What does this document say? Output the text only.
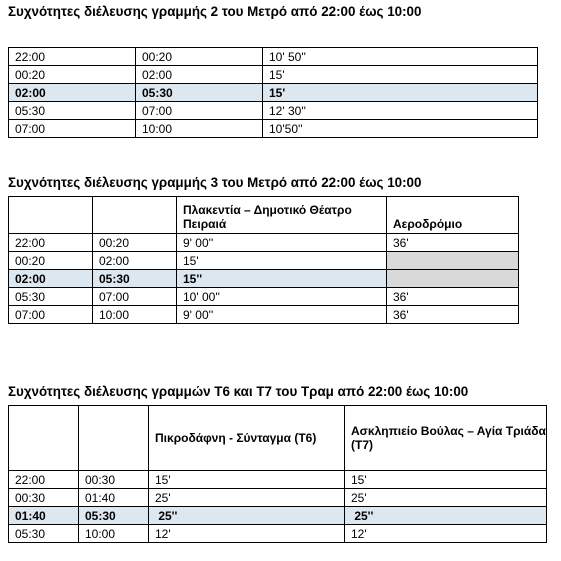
Συχνότητες διέλευσης γραμμής 2 του Μετρό από 22:00 έως 10:00
22:00	00:20	10' 50''
00:20	02:00	15'
02:00	05:30	15'
05:30	07:00	12' 30''
07:00	10:00	10'50''
Συχνότητες διέλευσης γραμμής 3 του Μετρό από 22:00 έως 10:00
		Πλακεντία – Δημοτικό Θέατρο Πειραιά	Αεροδρόμιο
22:00	00:20	9' 00''	36'
00:20	02:00	15'	
02:00	05:30	15''	
05:30	07:00	10' 00''	36'
07:00	10:00	9' 00''	36'
Συχνότητες διέλευσης γραμμών Τ6 και Τ7 του Τραμ από 22:00 έως 10:00
		Πικροδάφνη - Σύνταγμα (Τ6)	Ασκληπιείο Βούλας – Αγία Τριάδα (Τ7)
22:00	00:30	15'	15'
00:30	01:40	25'	25'
01:40	05:30	25''	25''
05:30	10:00	12'	12'
